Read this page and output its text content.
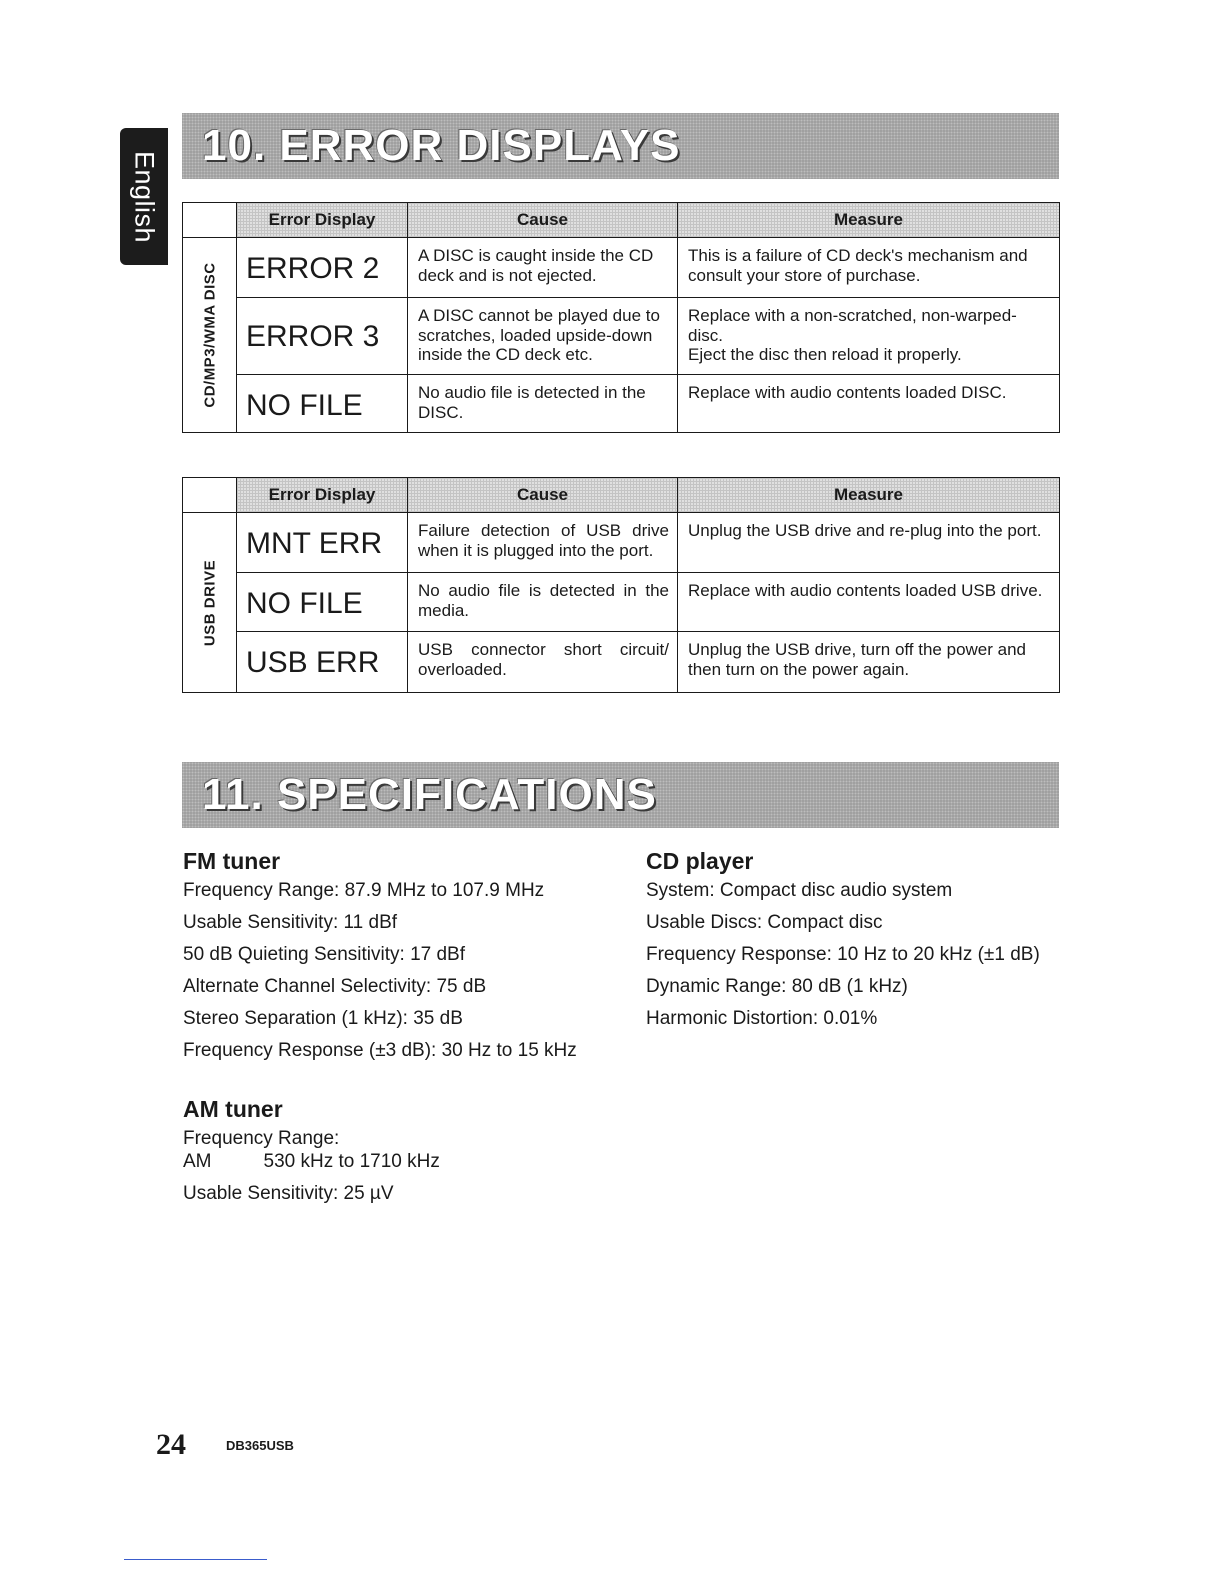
English
10. ERROR DISPLAYS
	Error Display	Cause	Measure

CD/MP3/WMA DISC	ERROR 2	A DISC is caught inside the CD deck and is not ejected.	This is a failure of CD deck's mechanism and consult your store of purchase.
	ERROR 3	A DISC cannot be played due to scratches, loaded upside-down inside the CD deck etc.	Replace with a non-scratched, non-warped-disc.
Eject the disc then reload it properly.

	NO FILE	No audio file is detected in the DISC.	Replace with audio contents loaded DISC.
	Error Display	Cause	Measure

USB DRIVE	MNT ERR	Failure detection of USB drive when it is plugged into the port.	Unplug the USB drive and re-plug into the port.
	NO FILE	No audio file is detected in the media.	Replace with audio contents loaded USB drive.
	USB ERR	USB connector short circuit/ overloaded.	Unplug the USB drive, turn off the power and then turn on the power again.
11. SPECIFICATIONS
FM tuner
Frequency Range: 87.9 MHz to 107.9 MHz
Usable Sensitivity: 11 dBf
50 dB Quieting Sensitivity: 17 dBf
Alternate Channel Selectivity: 75 dB
Stereo Separation (1 kHz): 35 dB
Frequency Response (±3 dB): 30 Hz to 15 kHz
CD player
System: Compact disc audio system
Usable Discs: Compact disc
Frequency Response: 10 Hz to 20 kHz (±1 dB)
Dynamic Range: 80 dB (1 kHz)
Harmonic Distortion: 0.01%
AM tuner
Frequency Range:
AM	530 kHz to 1710 kHz
Usable Sensitivity: 25 µV
24	DB365USB
